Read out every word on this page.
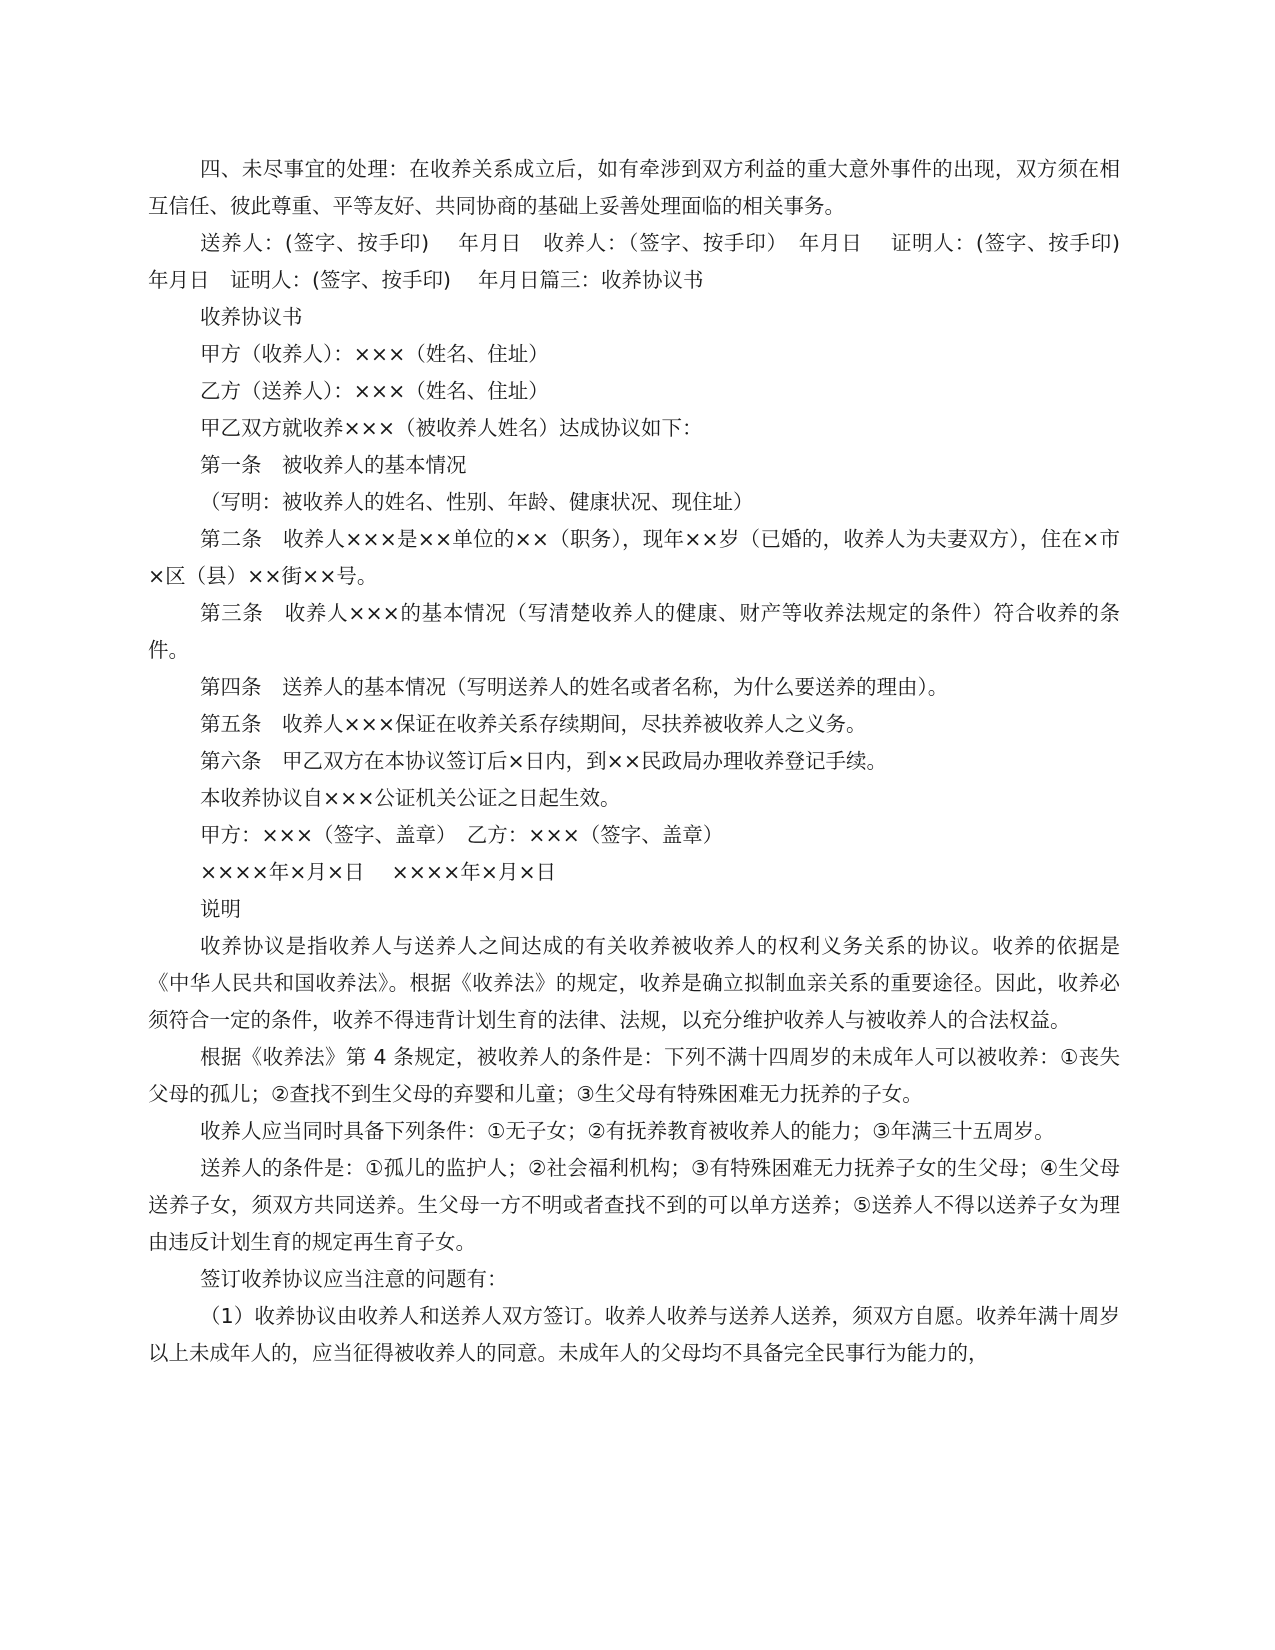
四、未尽事宜的处理：在收养关系成立后，如有牵涉到双方利益的重大意外事件的出现，双方须在相互信任、彼此尊重、平等友好、共同协商的基础上妥善处理面临的相关事务。

送养人：(签字、按手印)　 年月日　收养人：（签字、按手印）　年月日　 证明人：(签字、按手印)　 年月日　证明人：(签字、按手印)　 年月日篇三：收养协议书

收养协议书

甲方（收养人）：×××（姓名、住址）

乙方（送养人）：×××（姓名、住址）

甲乙双方就收养×××（被收养人姓名）达成协议如下：

第一条　被收养人的基本情况

（写明：被收养人的姓名、性别、年龄、健康状况、现住址）

第二条　收养人×××是××单位的××（职务），现年××岁（已婚的，收养人为夫妻双方），住在×市×区（县）××街××号。

第三条　收养人×××的基本情况（写清楚收养人的健康、财产等收养法规定的条件）符合收养的条件。

第四条　送养人的基本情况（写明送养人的姓名或者名称，为什么要送养的理由）。

第五条　收养人×××保证在收养关系存续期间，尽扶养被收养人之义务。

第六条　甲乙双方在本协议签订后×日内，到××民政局办理收养登记手续。

本收养协议自×××公证机关公证之日起生效。

甲方：×××（签字、盖章）　乙方：×××（签字、盖章）

××××年×月×日　 ××××年×月×日

说明

收养协议是指收养人与送养人之间达成的有关收养被收养人的权利义务关系的协议。收养的依据是《中华人民共和国收养法》。根据《收养法》的规定，收养是确立拟制血亲关系的重要途径。因此，收养必须符合一定的条件，收养不得违背计划生育的法律、法规，以充分维护收养人与被收养人的合法权益。

根据《收养法》第 4 条规定，被收养人的条件是：下列不满十四周岁的未成年人可以被收养：①丧失父母的孤儿；②查找不到生父母的弃婴和儿童；③生父母有特殊困难无力抚养的子女。

收养人应当同时具备下列条件：①无子女；②有抚养教育被收养人的能力；③年满三十五周岁。

送养人的条件是：①孤儿的监护人；②社会福利机构；③有特殊困难无力抚养子女的生父母；④生父母送养子女，须双方共同送养。生父母一方不明或者查找不到的可以单方送养；⑤送养人不得以送养子女为理由违反计划生育的规定再生育子女。

签订收养协议应当注意的问题有：

（1）收养协议由收养人和送养人双方签订。收养人收养与送养人送养，须双方自愿。收养年满十周岁以上未成年人的，应当征得被收养人的同意。未成年人的父母均不具备完全民事行为能力的，
